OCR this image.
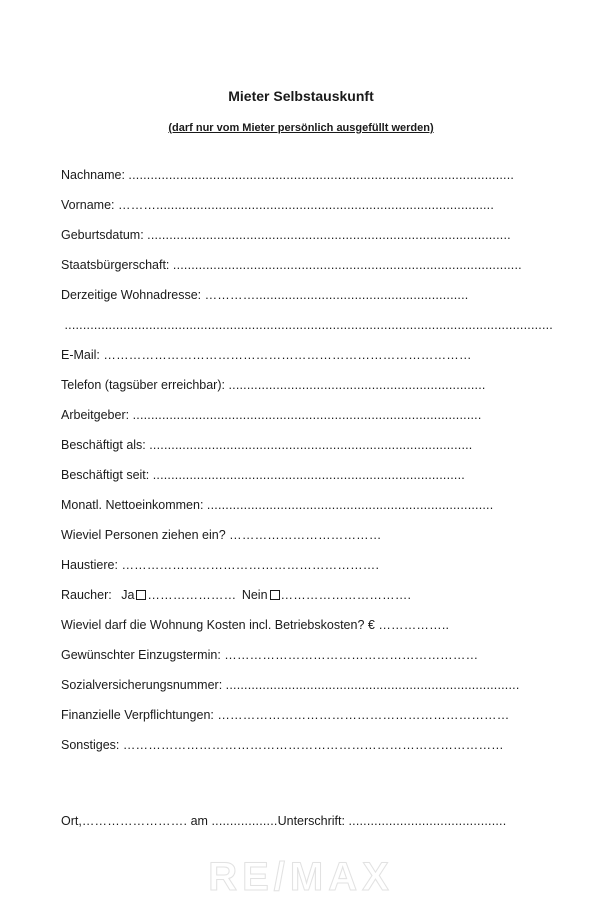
Mieter Selbstauskunft
(darf nur vom Mieter persönlich ausgefüllt werden)
Nachname: .........................................................................................................
Vorname: ………............................................................................................
Geburtsdatum: ...................................................................................................
Staatsbürgerschaft: ...............................................................................................
Derzeitige Wohnadresse: …………..........................................................
.....................................................................................................................................
E-Mail: ……………………………………………………………………………
Telefon (tagsüber erreichbar): ......................................................................
Arbeitgeber: ...............................................................................................
Beschäftigt als: ........................................................................................
Beschäftigt seit: .....................................................................................
Monatl. Nettoeinkommen: ..............................................................................
Wieviel Personen ziehen ein? ………………………………
Haustiere: …………………………………………………….
Raucher: Ja ………………… Nein ………………………….
Wieviel darf die Wohnung Kosten incl. Betriebskosten? € ……………..
Gewünschter Einzugstermin: ……………………………………………………
Sozialversicherungsnummer: ................................................................................
Finanzielle Verpflichtungen: ……………………………………………………………
Sonstiges: ………………………………………………………………………………
Ort,……………………. am ..................Unterschrift: ...........................................
RE/MAX
